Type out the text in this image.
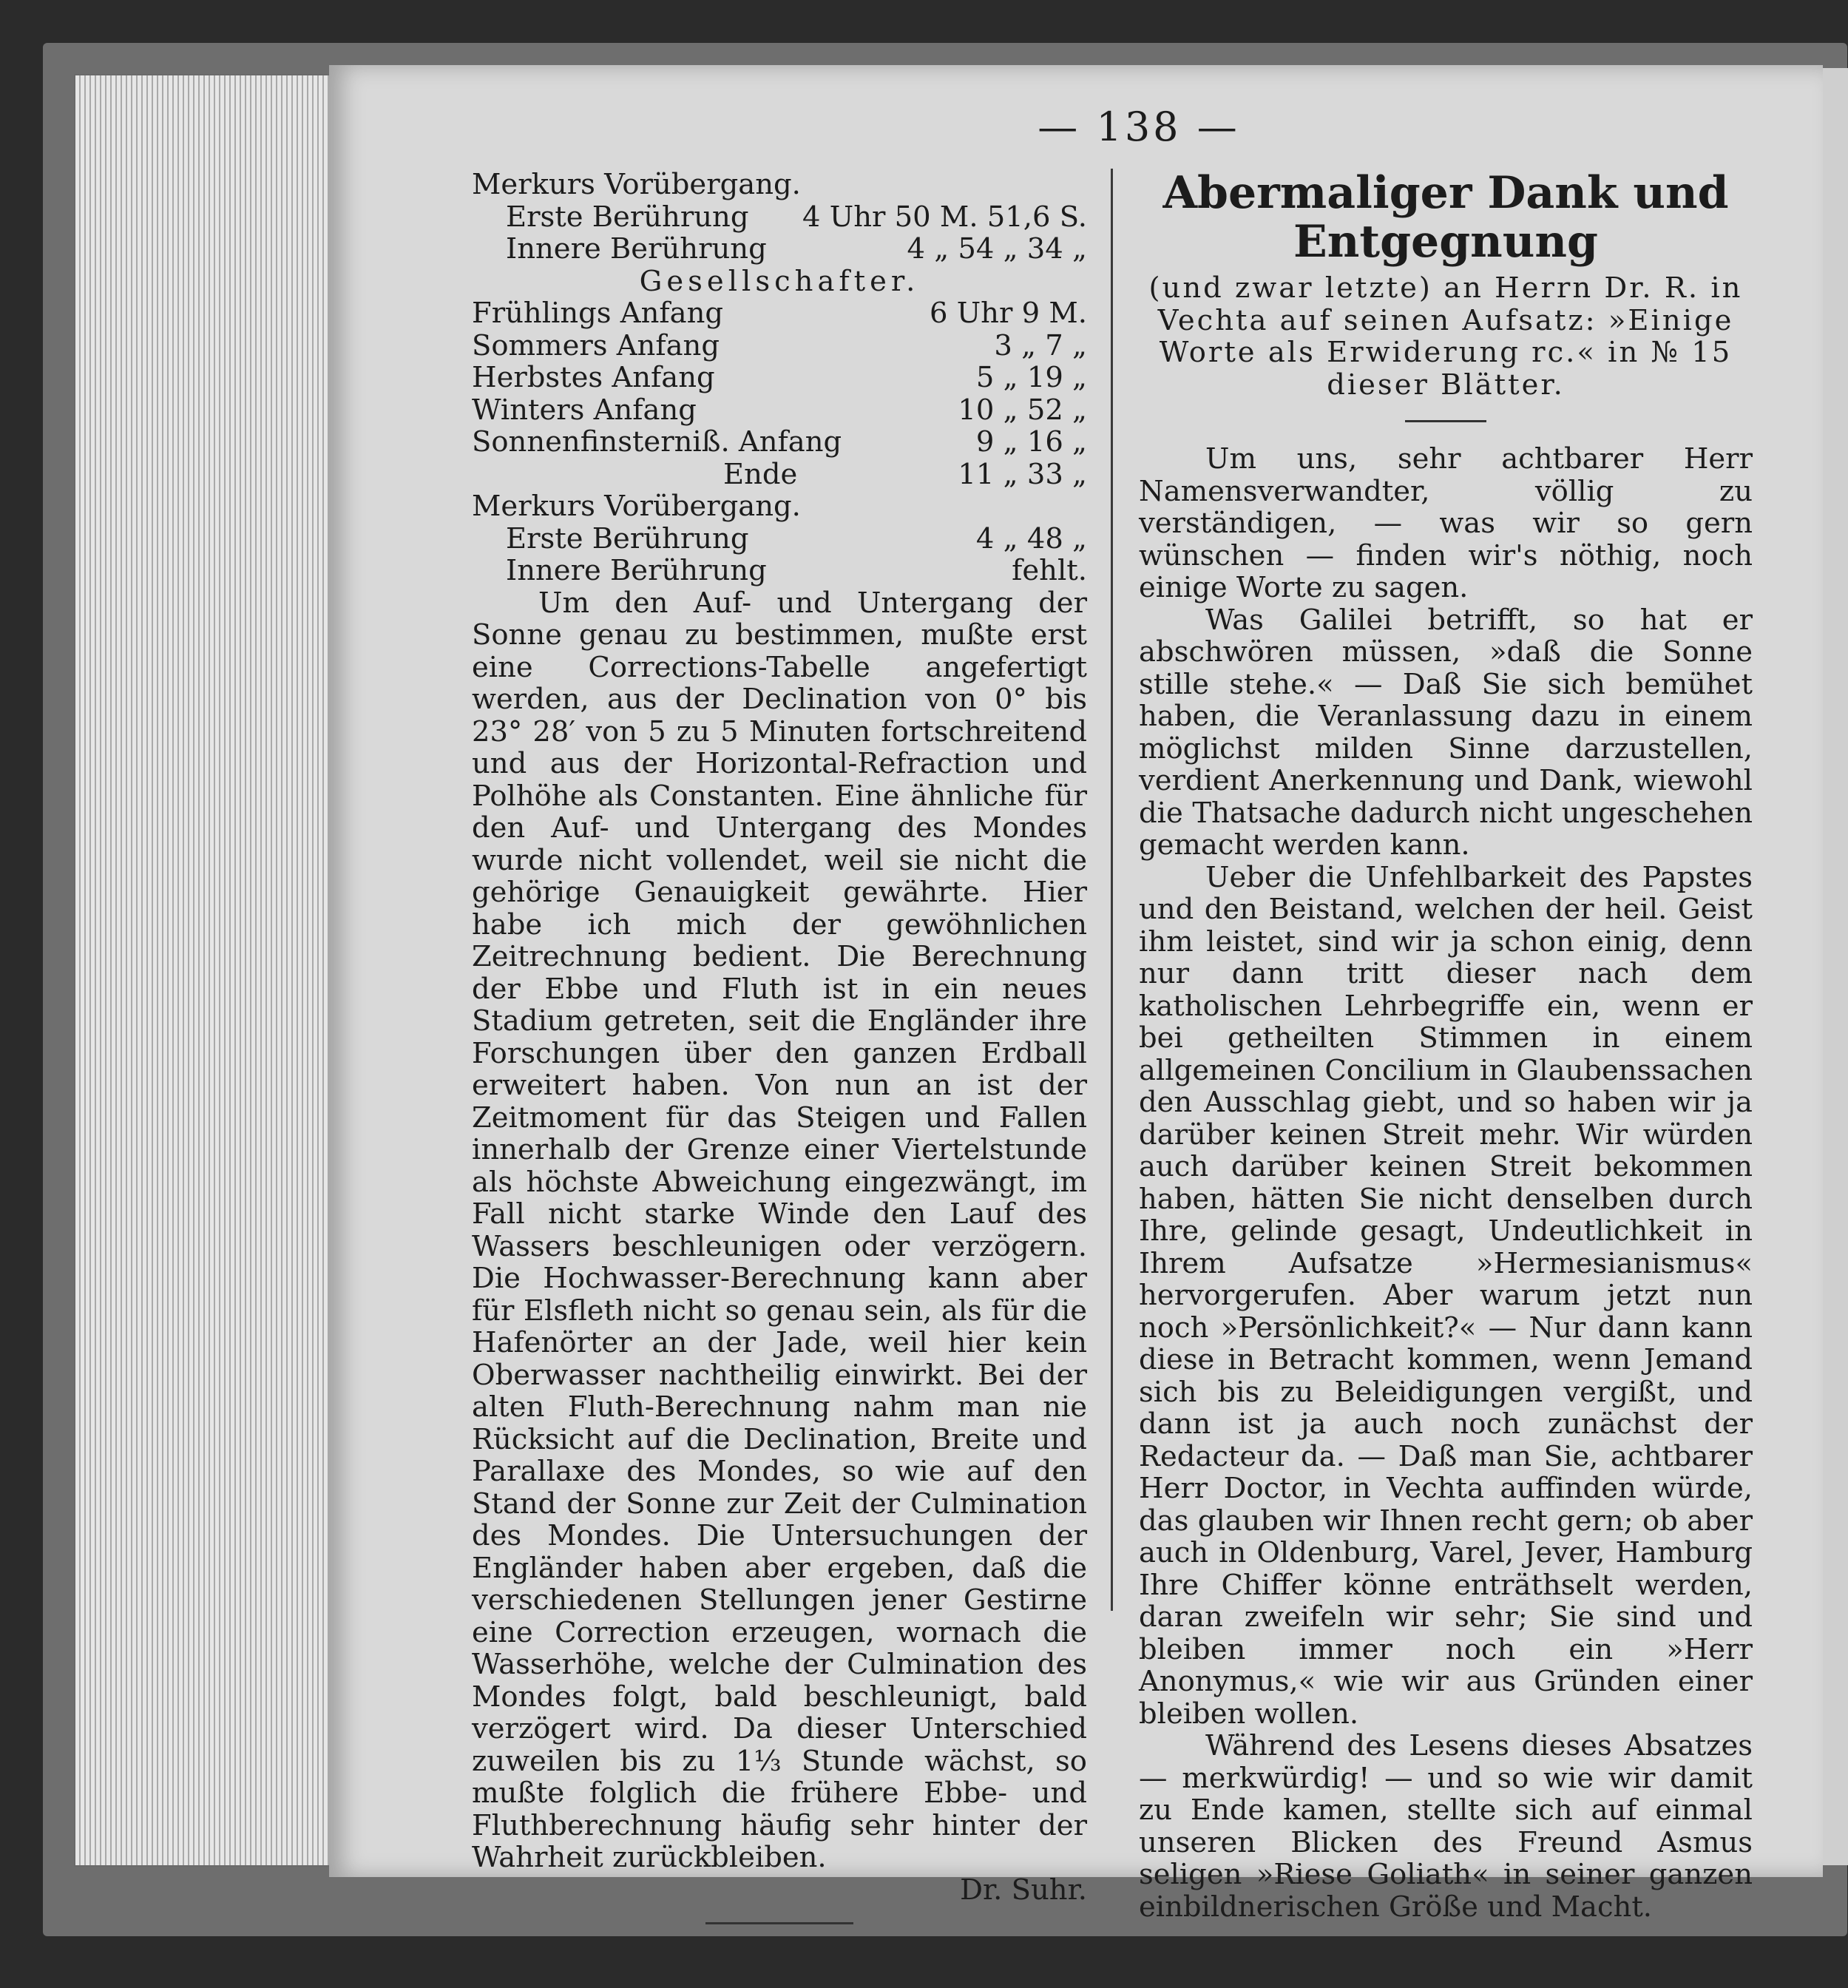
— 138 —
Merkurs Vorübergang.
Erste Berührung 4 Uhr 50 M. 51,6 S.
Innere Berührung	4 „ 54 „ 34 „
Gesellschafter.
Frühlings Anfang	6 Uhr 9 M.
Sommers Anfang	3 „ 7 „
Herbstes Anfang	5 „ 19 „
Winters Anfang	10 „ 52 „
Sonnenfinsterniß. Anfang	9 „ 16 „
Ende	11 „ 33 „
Merkurs Vorübergang.
Erste Berührung	4 „ 48 „
Innere Berührung	fehlt.

Um den Auf- und Untergang der Sonne genau zu bestimmen, mußte erst eine Corrections-Tabelle angefertigt werden, aus der Declination von 0° bis 23° 28′ von 5 zu 5 Minuten fortschreitend und aus der Horizontal-Refraction und Polhöhe als Constanten. Eine ähnliche für den Auf- und Untergang des Mondes wurde nicht vollendet, weil sie nicht die gehörige Genauigkeit gewährte. Hier habe ich mich der gewöhnlichen Zeitrechnung bedient. Die Berechnung der Ebbe und Fluth ist in ein neues Stadium getreten, seit die Engländer ihre Forschungen über den ganzen Erdball erweitert haben. Von nun an ist der Zeitmoment für das Steigen und Fallen innerhalb der Grenze einer Viertelstunde als höchste Abweichung eingezwängt, im Fall nicht starke Winde den Lauf des Wassers beschleunigen oder verzögern. Die Hochwasser-Berechnung kann aber für Elsfleth nicht so genau sein, als für die Hafenörter an der Jade, weil hier kein Oberwasser nachtheilig einwirkt. Bei der alten Fluth-Berechnung nahm man nie Rücksicht auf die Declination, Breite und Parallaxe des Mondes, so wie auf den Stand der Sonne zur Zeit der Culmination des Mondes. Die Untersuchungen der Engländer haben aber ergeben, daß die verschiedenen Stellungen jener Gestirne eine Correction erzeugen, wornach die Wasserhöhe, welche der Culmination des Mondes folgt, bald beschleunigt, bald verzögert wird. Da dieser Unterschied zuweilen bis zu 1⅓ Stunde wächst, so mußte folglich die frühere Ebbe- und Fluthberechnung häufig sehr hinter der Wahrheit zurückbleiben.

Dr. Suhr.
Abermaliger Dank und Entgegnung

(und zwar letzte) an Herrn Dr. R. in Vechta auf seinen Aufsatz: »Einige Worte als Erwiderung rc.« in № 15 dieser Blätter.

Um uns, sehr achtbarer Herr Namensverwandter, völlig zu verständigen, — was wir so gern wünschen — finden wir's nöthig, noch einige Worte zu sagen.

Was Galilei betrifft, so hat er abschwören müssen, »daß die Sonne stille stehe.« — Daß Sie sich bemühet haben, die Veranlassung dazu in einem möglichst milden Sinne darzustellen, verdient Anerkennung und Dank, wiewohl die Thatsache dadurch nicht ungeschehen gemacht werden kann.

Ueber die Unfehlbarkeit des Papstes und den Beistand, welchen der heil. Geist ihm leistet, sind wir ja schon einig, denn nur dann tritt dieser nach dem katholischen Lehrbegriffe ein, wenn er bei getheilten Stimmen in einem allgemeinen Concilium in Glaubenssachen den Ausschlag giebt, und so haben wir ja darüber keinen Streit mehr. Wir würden auch darüber keinen Streit bekommen haben, hätten Sie nicht denselben durch Ihre, gelinde gesagt, Undeutlichkeit in Ihrem Aufsatze »Hermesianismus« hervorgerufen. Aber warum jetzt nun noch »Persönlichkeit?« — Nur dann kann diese in Betracht kommen, wenn Jemand sich bis zu Beleidigungen vergißt, und dann ist ja auch noch zunächst der Redacteur da. — Daß man Sie, achtbarer Herr Doctor, in Vechta auffinden würde, das glauben wir Ihnen recht gern; ob aber auch in Oldenburg, Varel, Jever, Hamburg Ihre Chiffer könne enträthselt werden, daran zweifeln wir sehr; Sie sind und bleiben immer noch ein »Herr Anonymus,« wie wir aus Gründen einer bleiben wollen.

Während des Lesens dieses Absatzes — merkwürdig! — und so wie wir damit zu Ende kamen, stellte sich auf einmal unseren Blicken des Freund Asmus seligen »Riese Goliath« in seiner ganzen einbildnerischen Größe und Macht.
